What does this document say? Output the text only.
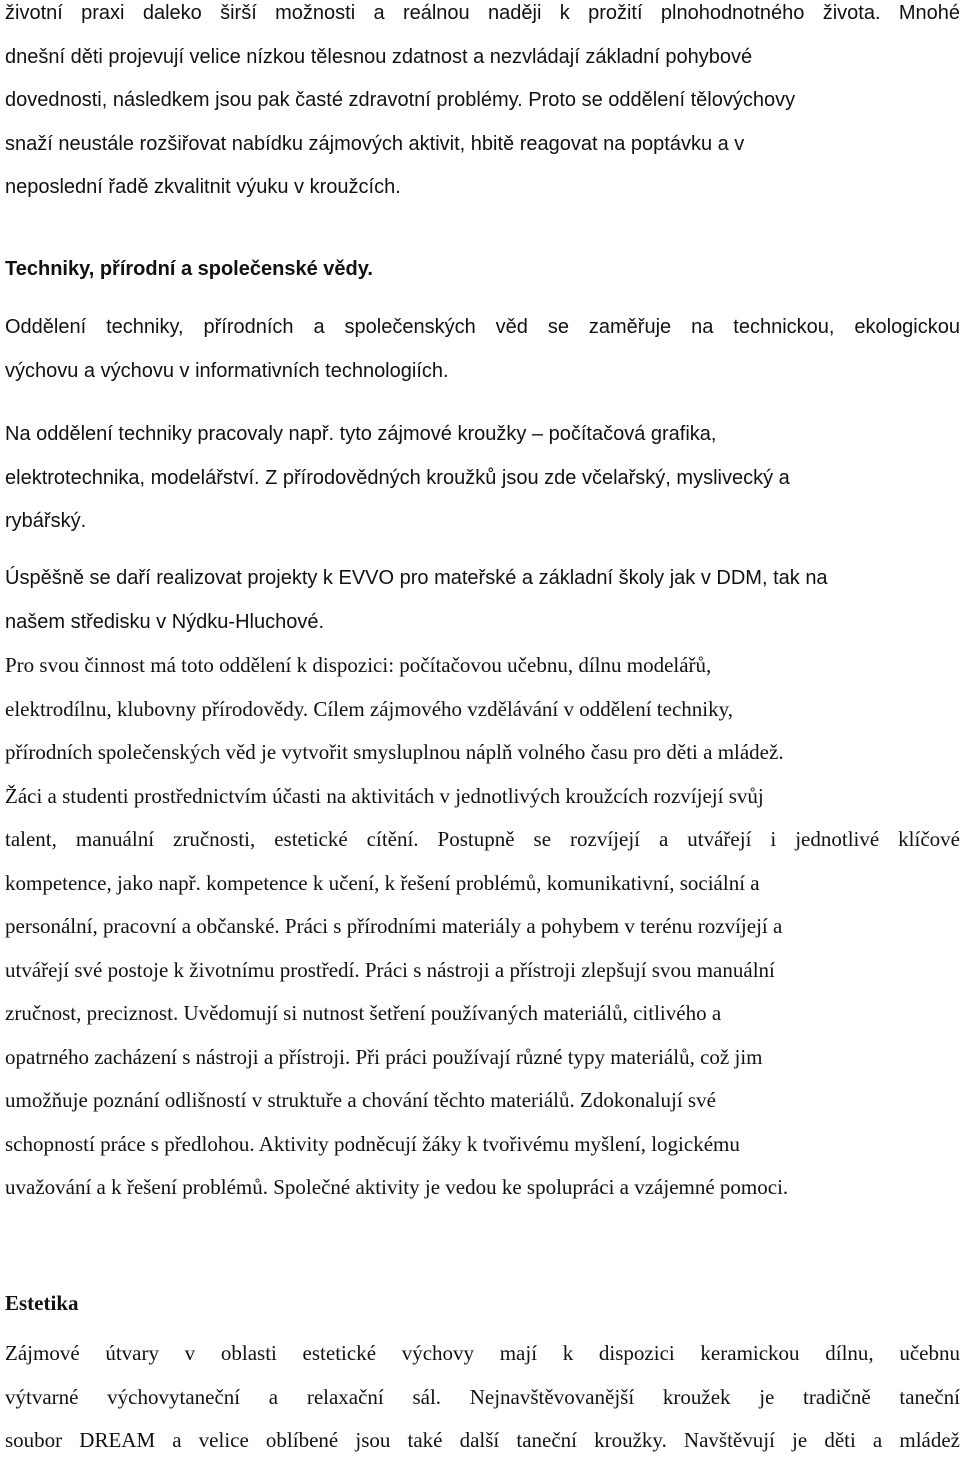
životní praxi daleko širší možnosti a reálnou naději k prožití plnohodnotného života. Mnohé

dnešní děti projevují velice nízkou tělesnou zdatnost a nezvládají základní pohybové

dovednosti, následkem jsou pak časté zdravotní problémy. Proto se oddělení tělovýchovy

snaží neustále rozšiřovat nabídku zájmových aktivit, hbitě reagovat na poptávku a v

neposlední řadě zkvalitnit výuku v kroužcích.

Techniky, přírodní a společenské vědy.

Oddělení techniky, přírodních a společenských věd se zaměřuje na technickou, ekologickou

výchovu a výchovu v informativních technologiích.

Na oddělení techniky pracovaly např. tyto zájmové kroužky – počítačová grafika,

elektrotechnika, modelářství. Z přírodovědných kroužků jsou zde včelařský, myslivecký a

rybářský.

Úspěšně se daří realizovat projekty k EVVO pro mateřské a základní školy jak v DDM, tak na

našem středisku v Nýdku-Hluchové.

Pro svou činnost má toto oddělení k dispozici: počítačovou učebnu, dílnu modelářů,

elektrodílnu, klubovny přírodovědy. Cílem zájmového vzdělávání v oddělení techniky,

přírodních společenských věd je vytvořit smysluplnou náplň volného času pro děti a mládež.

Žáci a studenti prostřednictvím účasti na aktivitách v jednotlivých kroužcích rozvíjejí svůj

talent, manuální zručnosti, estetické cítění. Postupně se rozvíjejí a utvářejí i jednotlivé klíčové

kompetence, jako např. kompetence k učení, k řešení problémů, komunikativní, sociální a

personální, pracovní a občanské. Práci s přírodními materiály a pohybem v terénu rozvíjejí a

utvářejí své postoje k životnímu prostředí. Práci s nástroji a přístroji zlepšují svou manuální

zručnost, preciznost. Uvědomují si nutnost šetření používaných materiálů, citlivého a

opatrného zacházení s nástroji a přístroji. Při práci používají různé typy materiálů, což jim

umožňuje poznání odlišností v struktuře a chování těchto materiálů. Zdokonalují své

schopností práce s předlohou. Aktivity podněcují žáky k tvořivému myšlení, logickému

uvažování a k řešení problémů. Společné aktivity je vedou ke spolupráci a vzájemné pomoci.

Estetika

Zájmové útvary v oblasti estetické výchovy mají k dispozici keramickou dílnu, učebnu

výtvarné výchovytaneční a relaxační sál. Nejnavštěvovanější kroužek je tradičně taneční

soubor DREAM a velice oblíbené jsou také další taneční kroužky. Navštěvují je děti a mládež
